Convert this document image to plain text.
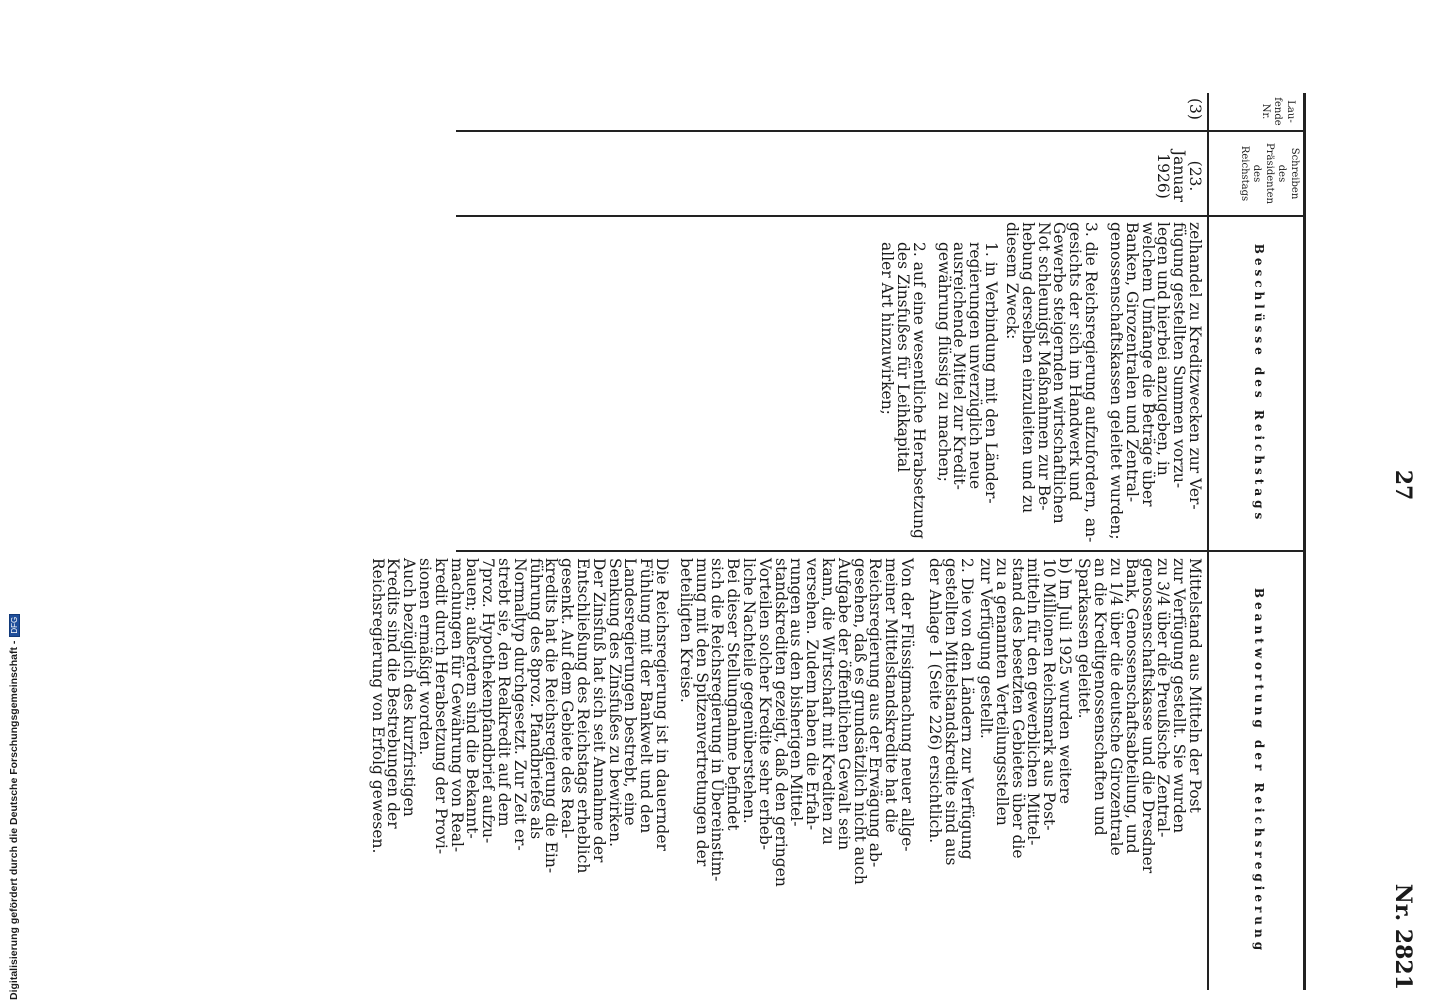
27
Nr. 2821
Lau-
fende
Nr.
Schreiben
des
Präsidenten
des
Reichstags
Beschlüsse des Reichstags
Beantwortung der Reichsregierung
(3)
(23. Januar
1926)
zelhandel zu Kreditzwecken zur Ver-
fügung gestellten Summen vorzu-
legen und hierbei anzugeben, in
welchem Umfange die Beträge über
Banken, Girozentralen und Zentral-
genossenschaftskassen geleitet wurden;
3. die Reichsregierung aufzufordern, an-
gesichts der sich im Handwerk und
Gewerbe steigernden wirtschaftlichen
Not schleunigst Maßnahmen zur Be-
hebung derselben einzuleiten und zu
diesem Zweck:
1. in Verbindung mit den Länder-
regierungen unverzüglich neue
ausreichende Mittel zur Kredit-
gewährung flüssig zu machen;
2. auf eine wesentliche Herabsetzung
des Zinsfußes für Leihkapital
aller Art hinzuwirken;
Mittelstand aus Mitteln der Post
zur Verfügung gestellt. Sie wurden
zu 3/4 über die Preußische Zentral-
genossenschaftskasse und die Dresdner
Bank, Genossenschaftsabteilung, und
zu 1/4 über die deutsche Girozentrale
an die Kreditgenossenschaften und
Sparkassen geleitet.
b) Im Juli 1925 wurden weitere
10 Millionen Reichsmark aus Post-
mitteln für den gewerblichen Mittel-
stand des besetzten Gebietes über die
zu a genannten Verteilungsstellen
zur Verfügung gestellt.
2. Die von den Ländern zur Verfügung
gestellten Mittelstandskredite sind aus
der Anlage 1 (Seite 226) ersichtlich.
Von der Flüssigmachung neuer allge-
meiner Mittelstandskredite hat die
Reichsregierung aus der Erwägung ab-
gesehen, daß es grundsätzlich nicht auch
Aufgabe der öffentlichen Gewalt sein
kann, die Wirtschaft mit Krediten zu
versehen. Zudem haben die Erfah-
rungen aus den bisherigen Mittel-
standskrediten gezeigt, daß den geringen
Vorteilen solcher Kredite sehr erheb-
liche Nachteile gegenüberstehen.
Bei dieser Stellungnahme befindet
sich die Reichsregierung in Übereinstim-
mung mit den Spitzenvertretungen der
beteiligten Kreise.
Die Reichsregierung ist in dauernder
Fühlung mit der Bankwelt und den
Landesregierungen bestrebt, eine
Senkung des Zinsfußes zu bewirken.
Der Zinsfuß hat sich seit Annahme der
Entschließung des Reichstags erheblich
gesenkt. Auf dem Gebiete des Real-
kredits hat die Reichsregierung die Ein-
führung des 8proz. Pfandbriefes als
Normaltyp durchgesetzt. Zur Zeit er-
strebt sie, den Realkredit auf dem
7proz. Hypothekenpfandbrief aufzu-
bauen; außerdem sind die Bekannt-
machungen für Gewährung von Real-
kredit durch Herabsetzung der Provi-
sionen ermäßigt worden.
Auch bezüglich des kurzfristigen
Kredits sind die Bestrebungen der
Reichsregierung von Erfolg gewesen.
Digitalisierung gefördert durch die Deutsche Forschungsgemeinschaft -DFG
